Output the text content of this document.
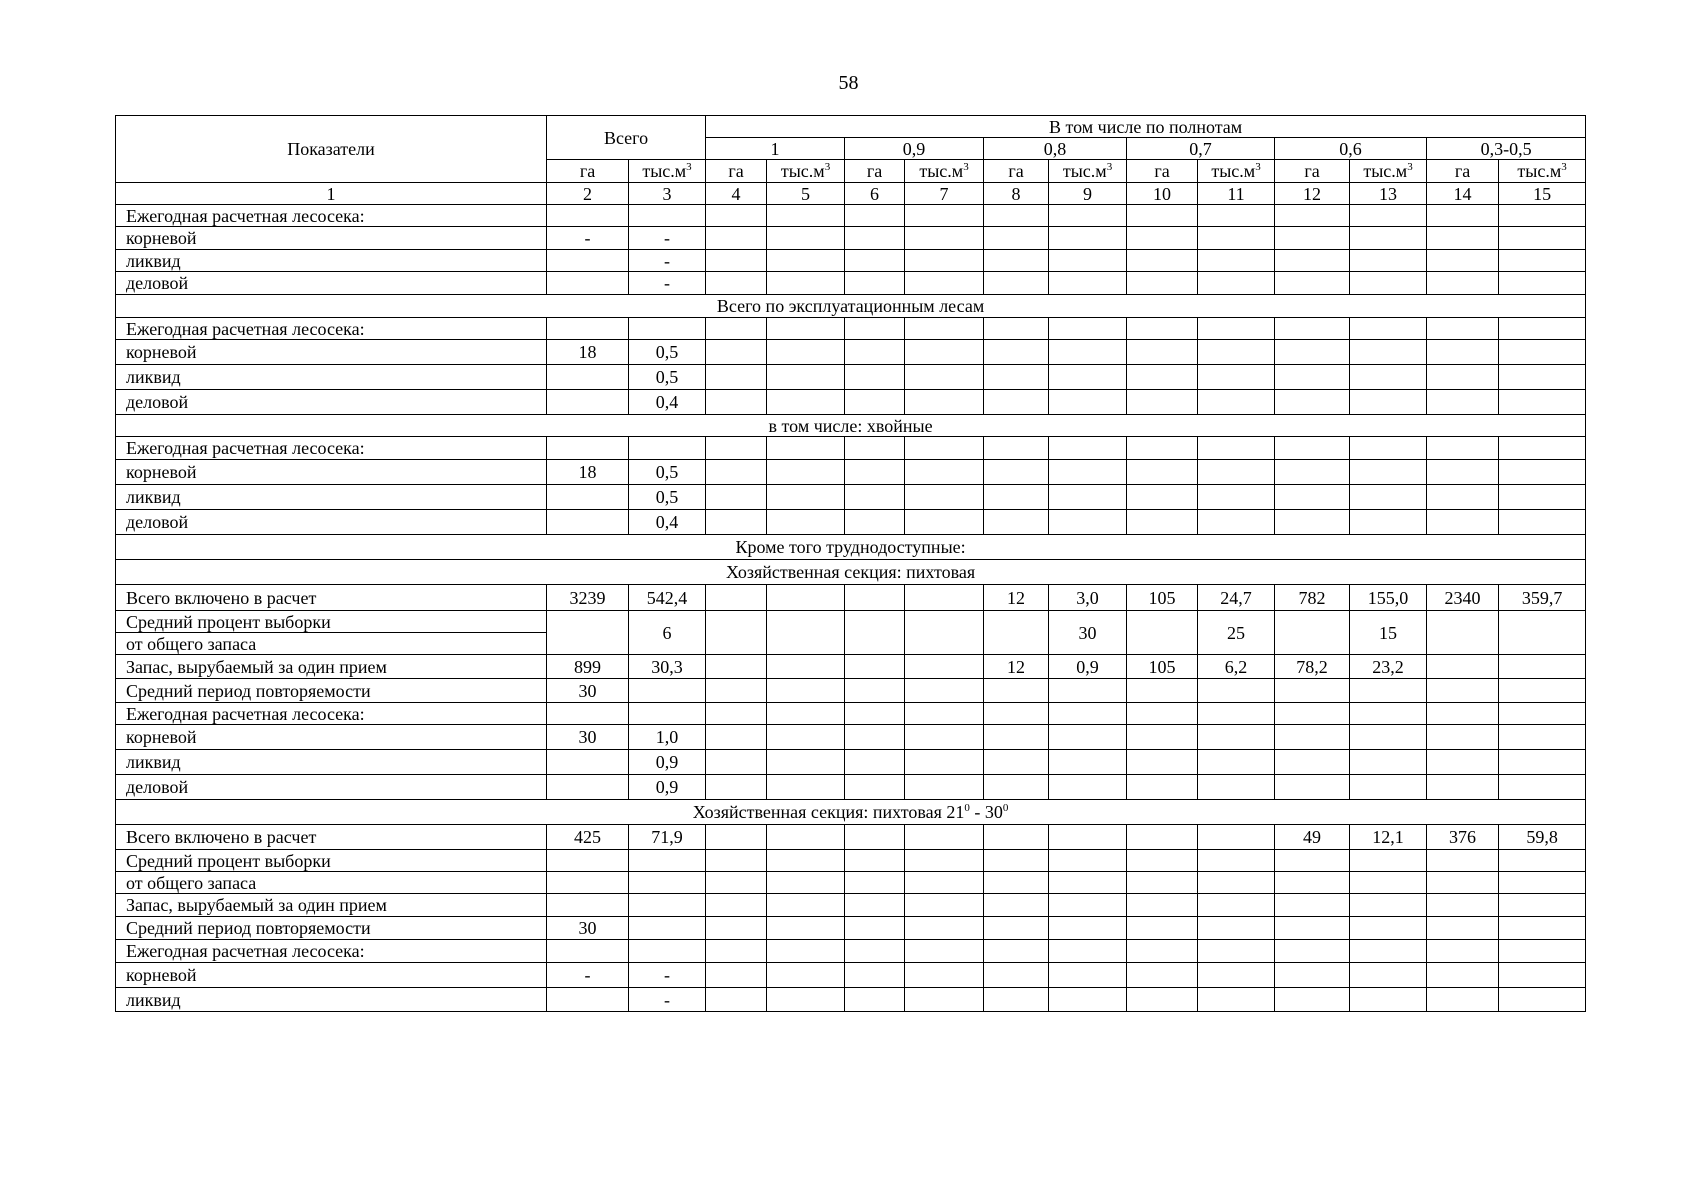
58
Показатели	Всего		В том числе по полнотам											
			1		0,9		0,8		0,7		0,6		0,3-0,5	
	га	$тыс.м^3$	га	$тыс.м^3$	га	$тыс.м^3$	га	$тыс.м^3$	га	$тыс.м^3$	га	$тыс.м^3$	га	$тыс.м^3$
1	2	3	4	5	6	7	8	9	10	11	12	13	14	15
Ежегодная расчетная лесосека:														
корневой	-	-												
ликвид		-												
деловой		-												
Всего по эксплуатационным лесам														
Ежегодная расчетная лесосека:														
корневой	18	0,5												
ликвид		0,5												
деловой		0,4												
в том числе: хвойные														
Ежегодная расчетная лесосека:														
корневой	18	0,5												
ликвид		0,5												
деловой		0,4												
Кроме того труднодоступные:														
Хозяйственная секция: пихтовая														
Всего включено в расчет	3239	542,4					12	3,0	105	24,7	782	155,0	2340	359,7
Средний процент выборки		6						30		25		15		
от общего запаса														
Запас, вырубаемый за один прием	899	30,3					12	0,9	105	6,2	78,2	23,2		
Средний период повторяемости	30													
Ежегодная расчетная лесосека:														
корневой	30	1,0												
ликвид		0,9												
деловой		0,9												
Хозяйственная секция: пихтовая $21^0 - 30^0$
Всего включено в расчет	425	71,9									49	12,1	376	59,8
Средний процент выборки														
от общего запаса														
Запас, вырубаемый за один прием														
Средний период повторяемости	30													
Ежегодная расчетная лесосека:														
корневой	-	-												
ликвид		-												
